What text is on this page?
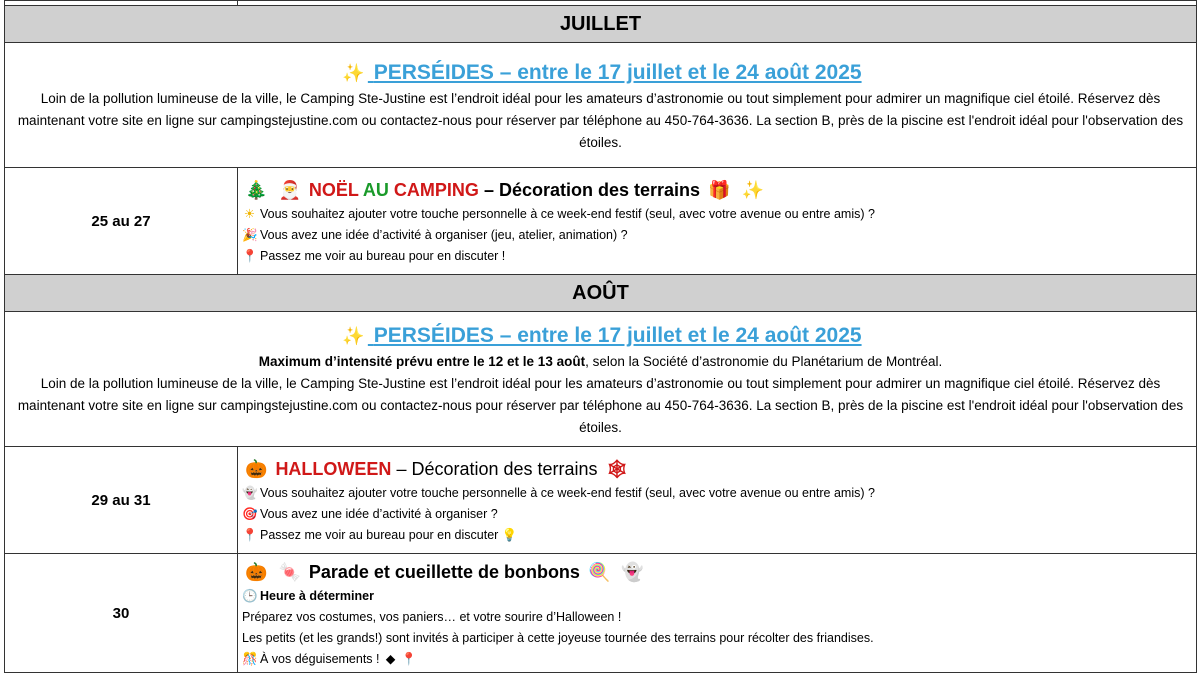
JUILLET	

✨ PERSÉIDES – entre le 17 juillet et le 24 août 2025
Loin de la pollution lumineuse de la ville, le Camping Ste-Justine est l’endroit idéal pour les amateurs d’astronomie ou tout simplement pour admirer un magnifique ciel étoilé. Réservez dès maintenant votre site en ligne sur campingstejustine.com ou contactez-nous pour réserver par téléphone au 450-764-3636. La section B, près de la piscine est l'endroit idéal pour l'observation des étoiles.	

25 au 27	🎄 🎅 NOËL AU CAMPING – Décoration des terrains 🎁 ✨
☀ Vous souhaitez ajouter votre touche personnelle à ce week-end festif (seul, avec votre avenue ou entre amis) ?
🎉 Vous avez une idée d’activité à organiser (jeu, atelier, animation) ?
📍 Passez me voir au bureau pour en discuter !

AOÛT	

✨ PERSÉIDES – entre le 17 juillet et le 24 août 2025
Maximum d’intensité prévu entre le 12 et le 13 août, selon la Société d’astronomie du Planétarium de Montréal.
Loin de la pollution lumineuse de la ville, le Camping Ste-Justine est l’endroit idéal pour les amateurs d’astronomie ou tout simplement pour admirer un magnifique ciel étoilé. Réservez dès maintenant votre site en ligne sur campingstejustine.com ou contactez-nous pour réserver par téléphone au 450-764-3636. La section B, près de la piscine est l'endroit idéal pour l'observation des étoiles.	

29 au 31	🎃 HALLOWEEN – Décoration des terrains 🕸
👻 Vous souhaitez ajouter votre touche personnelle à ce week-end festif (seul, avec votre avenue ou entre amis) ?
🎯 Vous avez une idée d’activité à organiser ?
📍 Passez me voir au bureau pour en discuter 💡

30	🎃 🍬 Parade et cueillette de bonbons 🍭 👻
🕒 Heure à déterminer
Préparez vos costumes, vos paniers… et votre sourire d’Halloween !
Les petits (et les grands!) sont invités à participer à cette joyeuse tournée des terrains pour récolter des friandises.
🎊 À vos déguisements ! ◆ 📍
